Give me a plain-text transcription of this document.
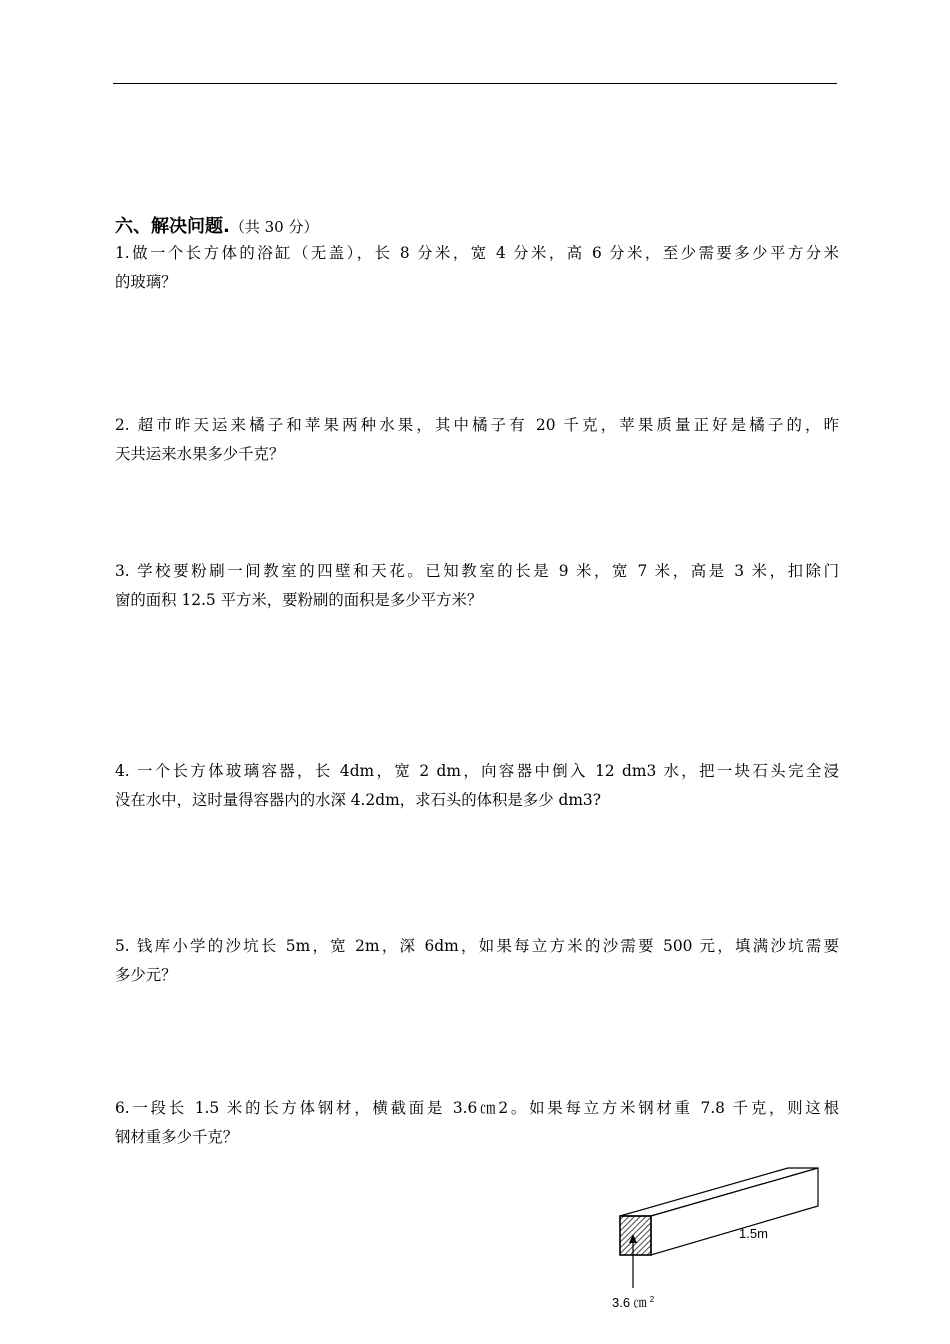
六、解决问题.（共 30 分）
1.做一个长方体的浴缸（无盖），长 8 分米，宽 4 分米，高 6 分米，至少需要多少平方分米
的玻璃？
2. 超市昨天运来橘子和苹果两种水果，其中橘子有 20 千克，苹果质量正好是橘子的，昨
天共运来水果多少千克？
3. 学校要粉刷一间教室的四壁和天花。已知教室的长是 9 米，宽 7 米，高是 3 米，扣除门
窗的面积 12.5 平方米，要粉刷的面积是多少平方米？
4. 一个长方体玻璃容器，长 4dm，宽 2 dm，向容器中倒入 12 dm3 水，把一块石头完全浸
没在水中，这时量得容器内的水深 4.2dm，求石头的体积是多少 dm3?
5. 钱库小学的沙坑长 5m，宽 2m，深 6dm，如果每立方米的沙需要 500 元，填满沙坑需要
多少元？
6.一段长 1.5 米的长方体钢材，横截面是 3.6㎝2。如果每立方米钢材重 7.8 千克，则这根
钢材重多少千克？
1.5m
3.6 ㎝ $^2$
